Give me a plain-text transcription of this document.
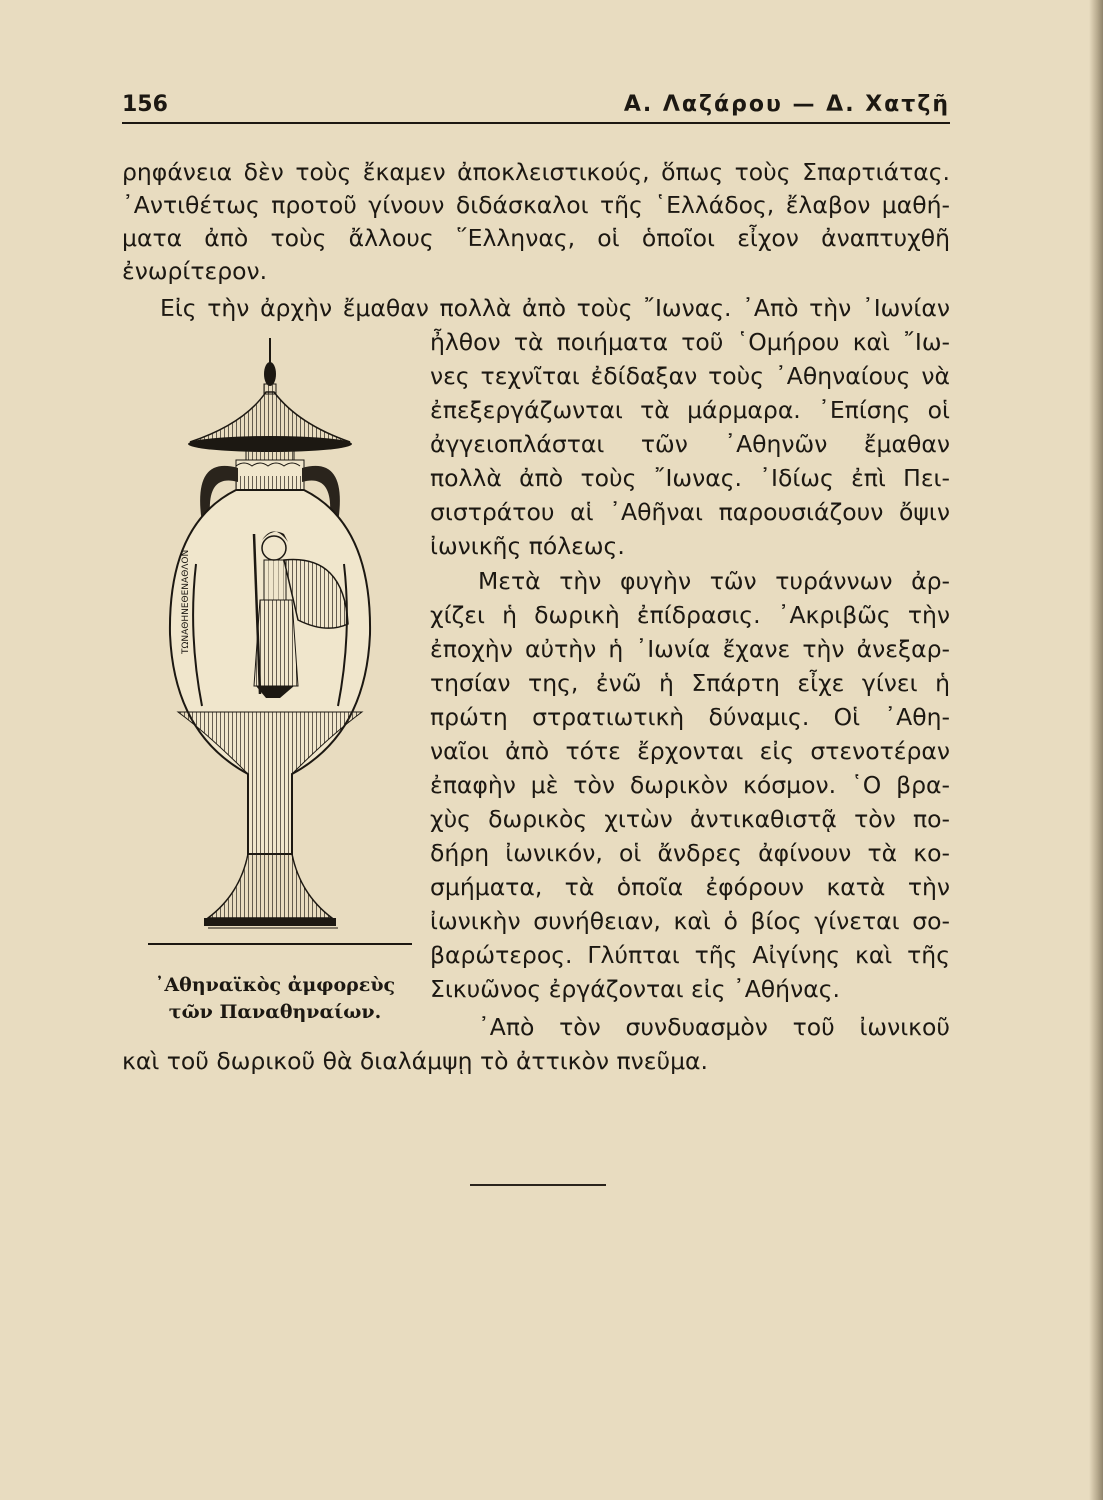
156	Α. Λαζάρου — Δ. Χατζῆ
ρηφάνεια δὲν τοὺς ἔκαμεν ἀποκλειστικούς, ὅπως τοὺς Σπαρτιάτας.
᾿Αντιθέτως προτοῦ γίνουν διδάσκαλοι τῆς ῾Ελλάδος, ἔλαβον μαθή-
ματα ἀπὸ τοὺς ἄλλους ῞Ελληνας, οἱ ὁποῖοι εἶχον ἀναπτυχθῆ
ἐνωρίτερον.
Εἰς τὴν ἀρχὴν ἔμαθαν πολλὰ ἀπὸ τοὺς ῎Ιωνας. ᾿Απὸ τὴν ᾿Ιωνίαν
ἦλθον τὰ ποιήματα τοῦ ῾Ομήρου καὶ ῎Ιω-
νες τεχνῖται ἐδίδαξαν τοὺς ᾿Αθηναίους νὰ
ἐπεξεργάζωνται τὰ μάρμαρα. ᾿Επίσης οἱ
ἀγγειοπλάσται τῶν ᾿Αθηνῶν ἔμαθαν
πολλὰ ἀπὸ τοὺς ῎Ιωνας. ᾿Ιδίως ἐπὶ Πει-
σιστράτου αἱ ᾿Αθῆναι παρουσιάζουν ὄψιν
ἰωνικῆς πόλεως.
Μετὰ τὴν φυγὴν τῶν τυράννων ἀρ-
χίζει ἡ δωρικὴ ἐπίδρασις. ᾿Ακριβῶς τὴν
ἐποχὴν αὐτὴν ἡ ᾿Ιωνία ἔχανε τὴν ἀνεξαρ-
τησίαν της, ἐνῶ ἡ Σπάρτη εἶχε γίνει ἡ
πρώτη στρατιωτικὴ δύναμις. Οἱ ᾿Αθη-
ναῖοι ἀπὸ τότε ἔρχονται εἰς στενοτέραν
ἐπαφὴν μὲ τὸν δωρικὸν κόσμον. ῾Ο βρα-
χὺς δωρικὸς χιτὼν ἀντικαθιστᾷ τὸν πο-
δήρη ἰωνικόν, οἱ ἄνδρες ἀφίνουν τὰ κο-
σμήματα, τὰ ὁποῖα ἐφόρουν κατὰ τὴν
ἰωνικὴν συνήθειαν, καὶ ὁ βίος γίνεται σο-
βαρώτερος. Γλύπται τῆς Αἰγίνης καὶ τῆς
Σικυῶνος ἐργάζονται εἰς ᾿Αθήνας.
᾿Απὸ τὸν συνδυασμὸν τοῦ ἰωνικοῦ
καὶ τοῦ δωρικοῦ θὰ διαλάμψῃ τὸ ἀττικὸν πνεῦμα.
ΤΩΝΑΘΗΝΕΘΕΝΑΘΛΟΝ
᾿Αθηναϊκὸς ἀμφορεὺς
τῶν Παναθηναίων.
